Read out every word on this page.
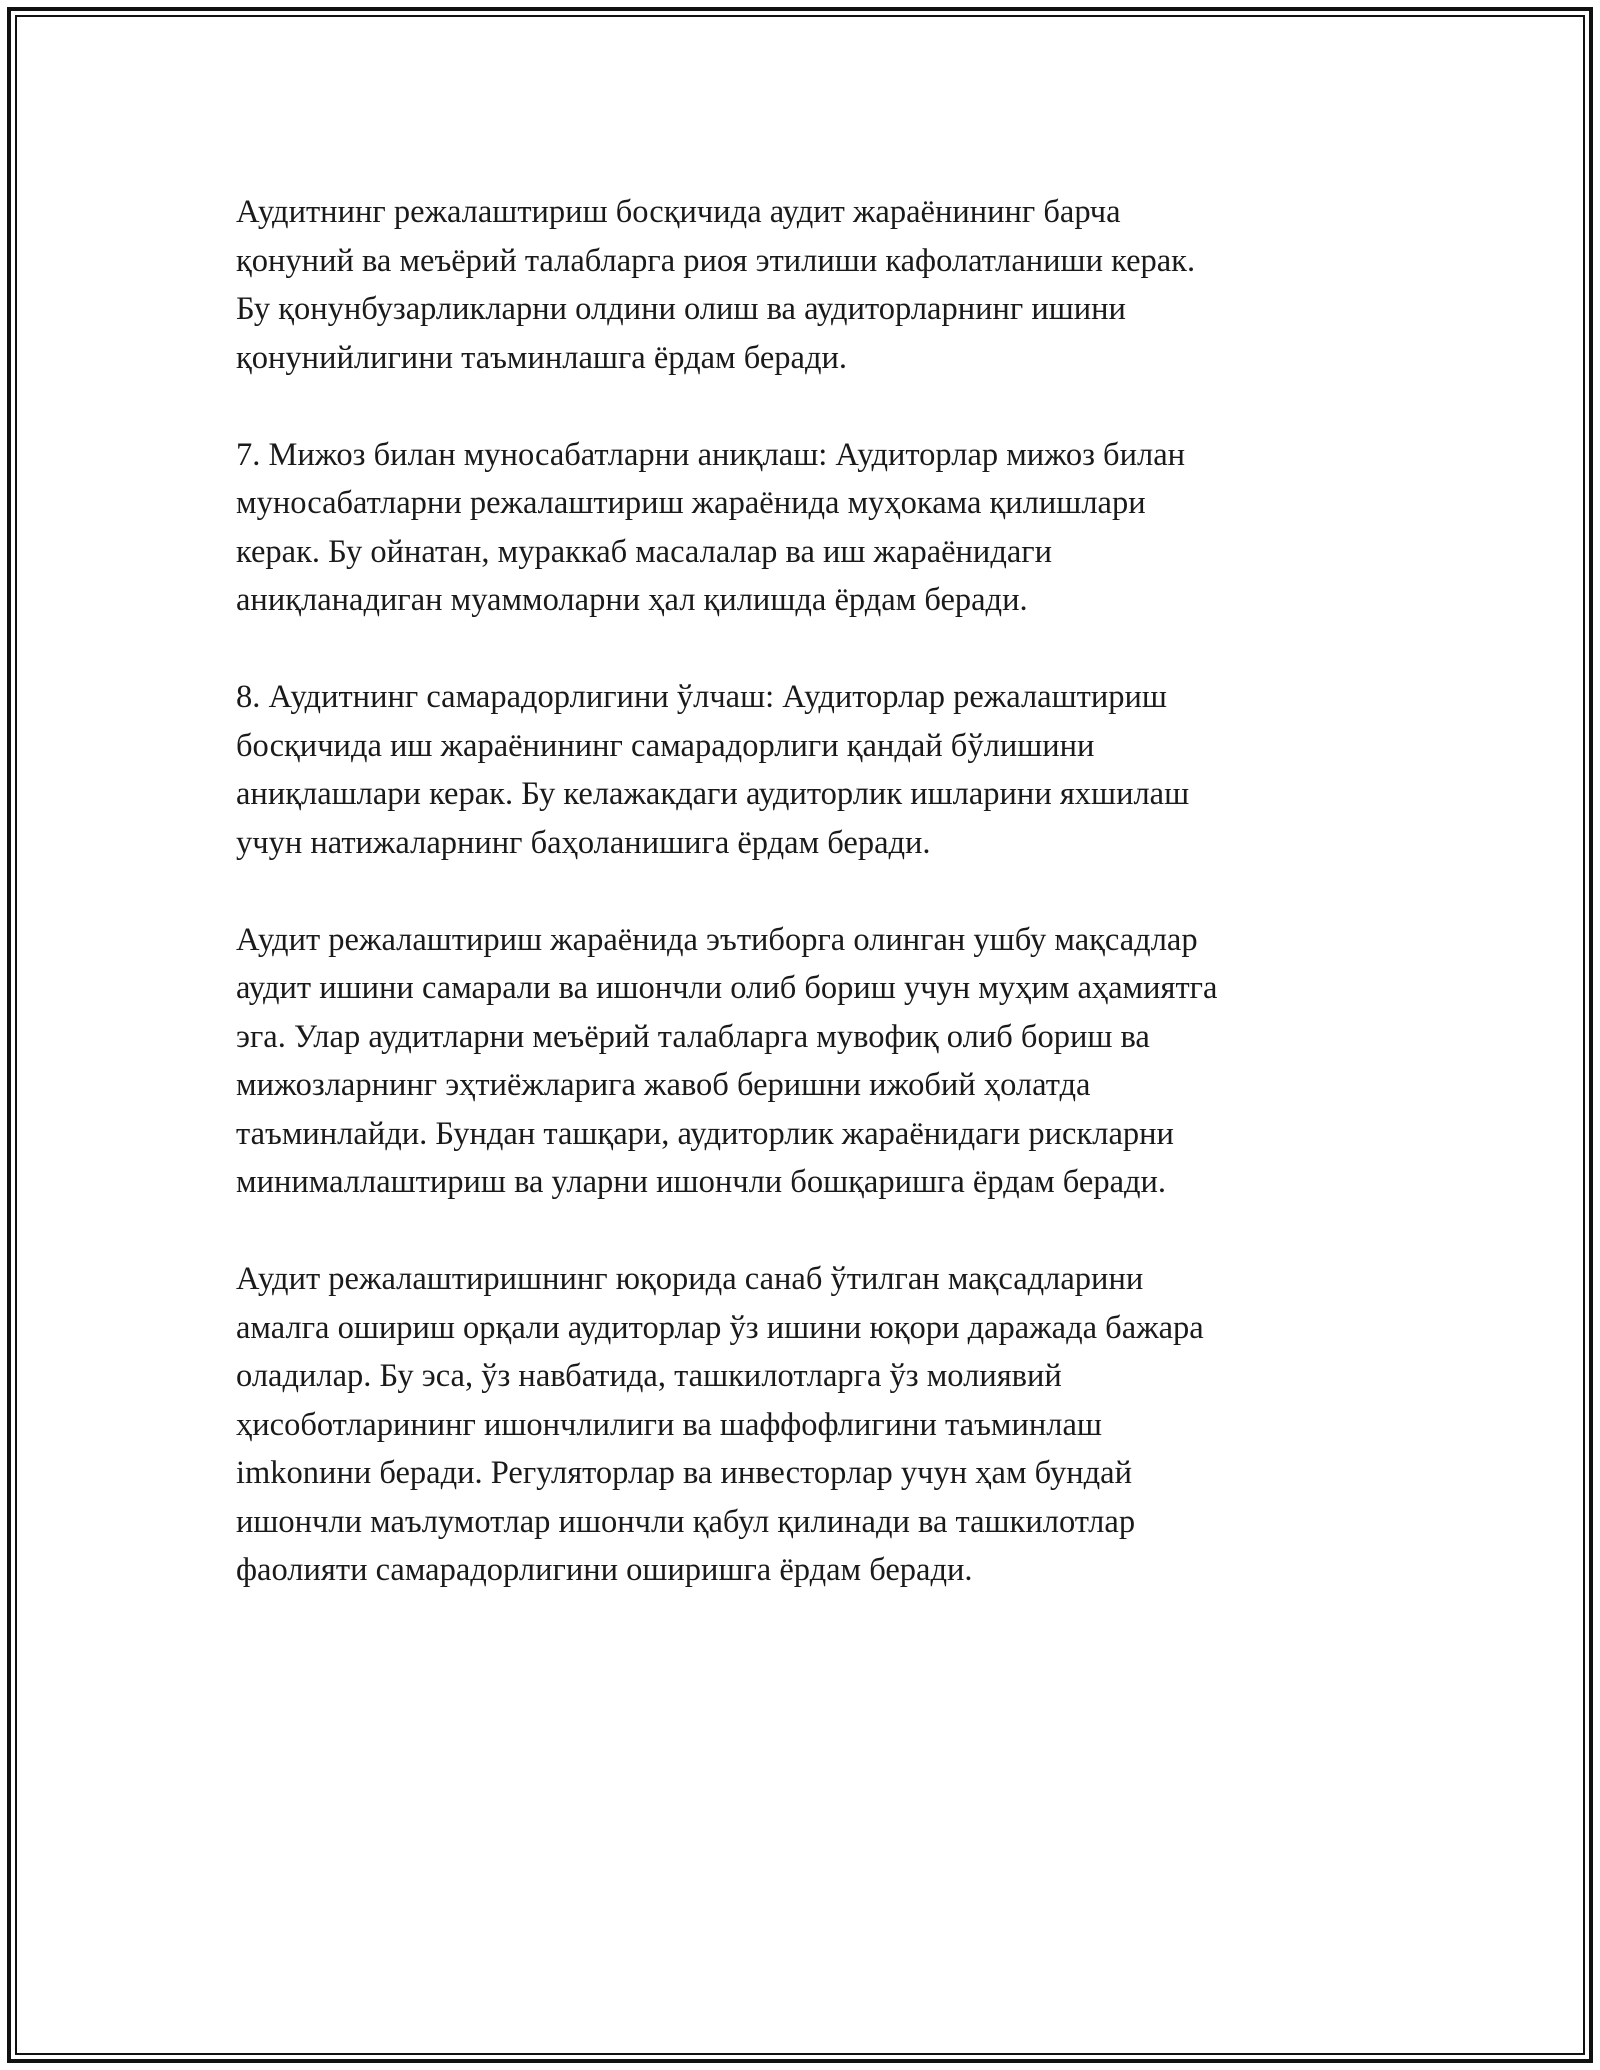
Аудитнинг режалаштириш босқичида аудит жараёнининг барча
қонуний ва меъёрий талабларга риоя этилиши кафолатланиши керак.
Бу қонунбузарликларни олдини олиш ва аудиторларнинг ишини
қонунийлигини таъминлашга ёрдам беради.
7. Мижоз билан муносабатларни аниқлаш: Аудиторлар мижоз билан
муносабатларни режалаштириш жараёнида муҳокама қилишлари
керак. Бу ойнатан, мураккаб масалалар ва иш жараёнидаги
аниқланадиган муаммоларни ҳал қилишда ёрдам беради.
8. Аудитнинг самарадорлигини ўлчаш: Аудиторлар режалаштириш
босқичида иш жараёнининг самарадорлиги қандай бўлишини
аниқлашлари керак. Бу келажакдаги аудиторлик ишларини яхшилаш
учун натижаларнинг баҳоланишига ёрдам беради.
Аудит режалаштириш жараёнида эътиборга олинган ушбу мақсадлар
аудит ишини самарали ва ишончли олиб бориш учун муҳим аҳамиятга
эга. Улар аудитларни меъёрий талабларга мувофиқ олиб бориш ва
мижозларнинг эҳтиёжларига жавоб беришни ижобий ҳолатда
таъминлайди. Бундан ташқари, аудиторлик жараёнидаги рискларни
минималлаштириш ва уларни ишончли бошқаришга ёрдам беради.
Аудит режалаштиришнинг юқорида санаб ўтилган мақсадларини
амалга ошириш орқали аудиторлар ўз ишини юқори даражада бажара
оладилар. Бу эса, ўз навбатида, ташкилотларга ўз молиявий
ҳисоботларининг ишончлилиги ва шаффофлигини таъминлаш
imkonини беради. Регуляторлар ва инвесторлар учун ҳам бундай
ишончли маълумотлар ишончли қабул қилинади ва ташкилотлар
фаолияти самарадорлигини оширишга ёрдам беради.
